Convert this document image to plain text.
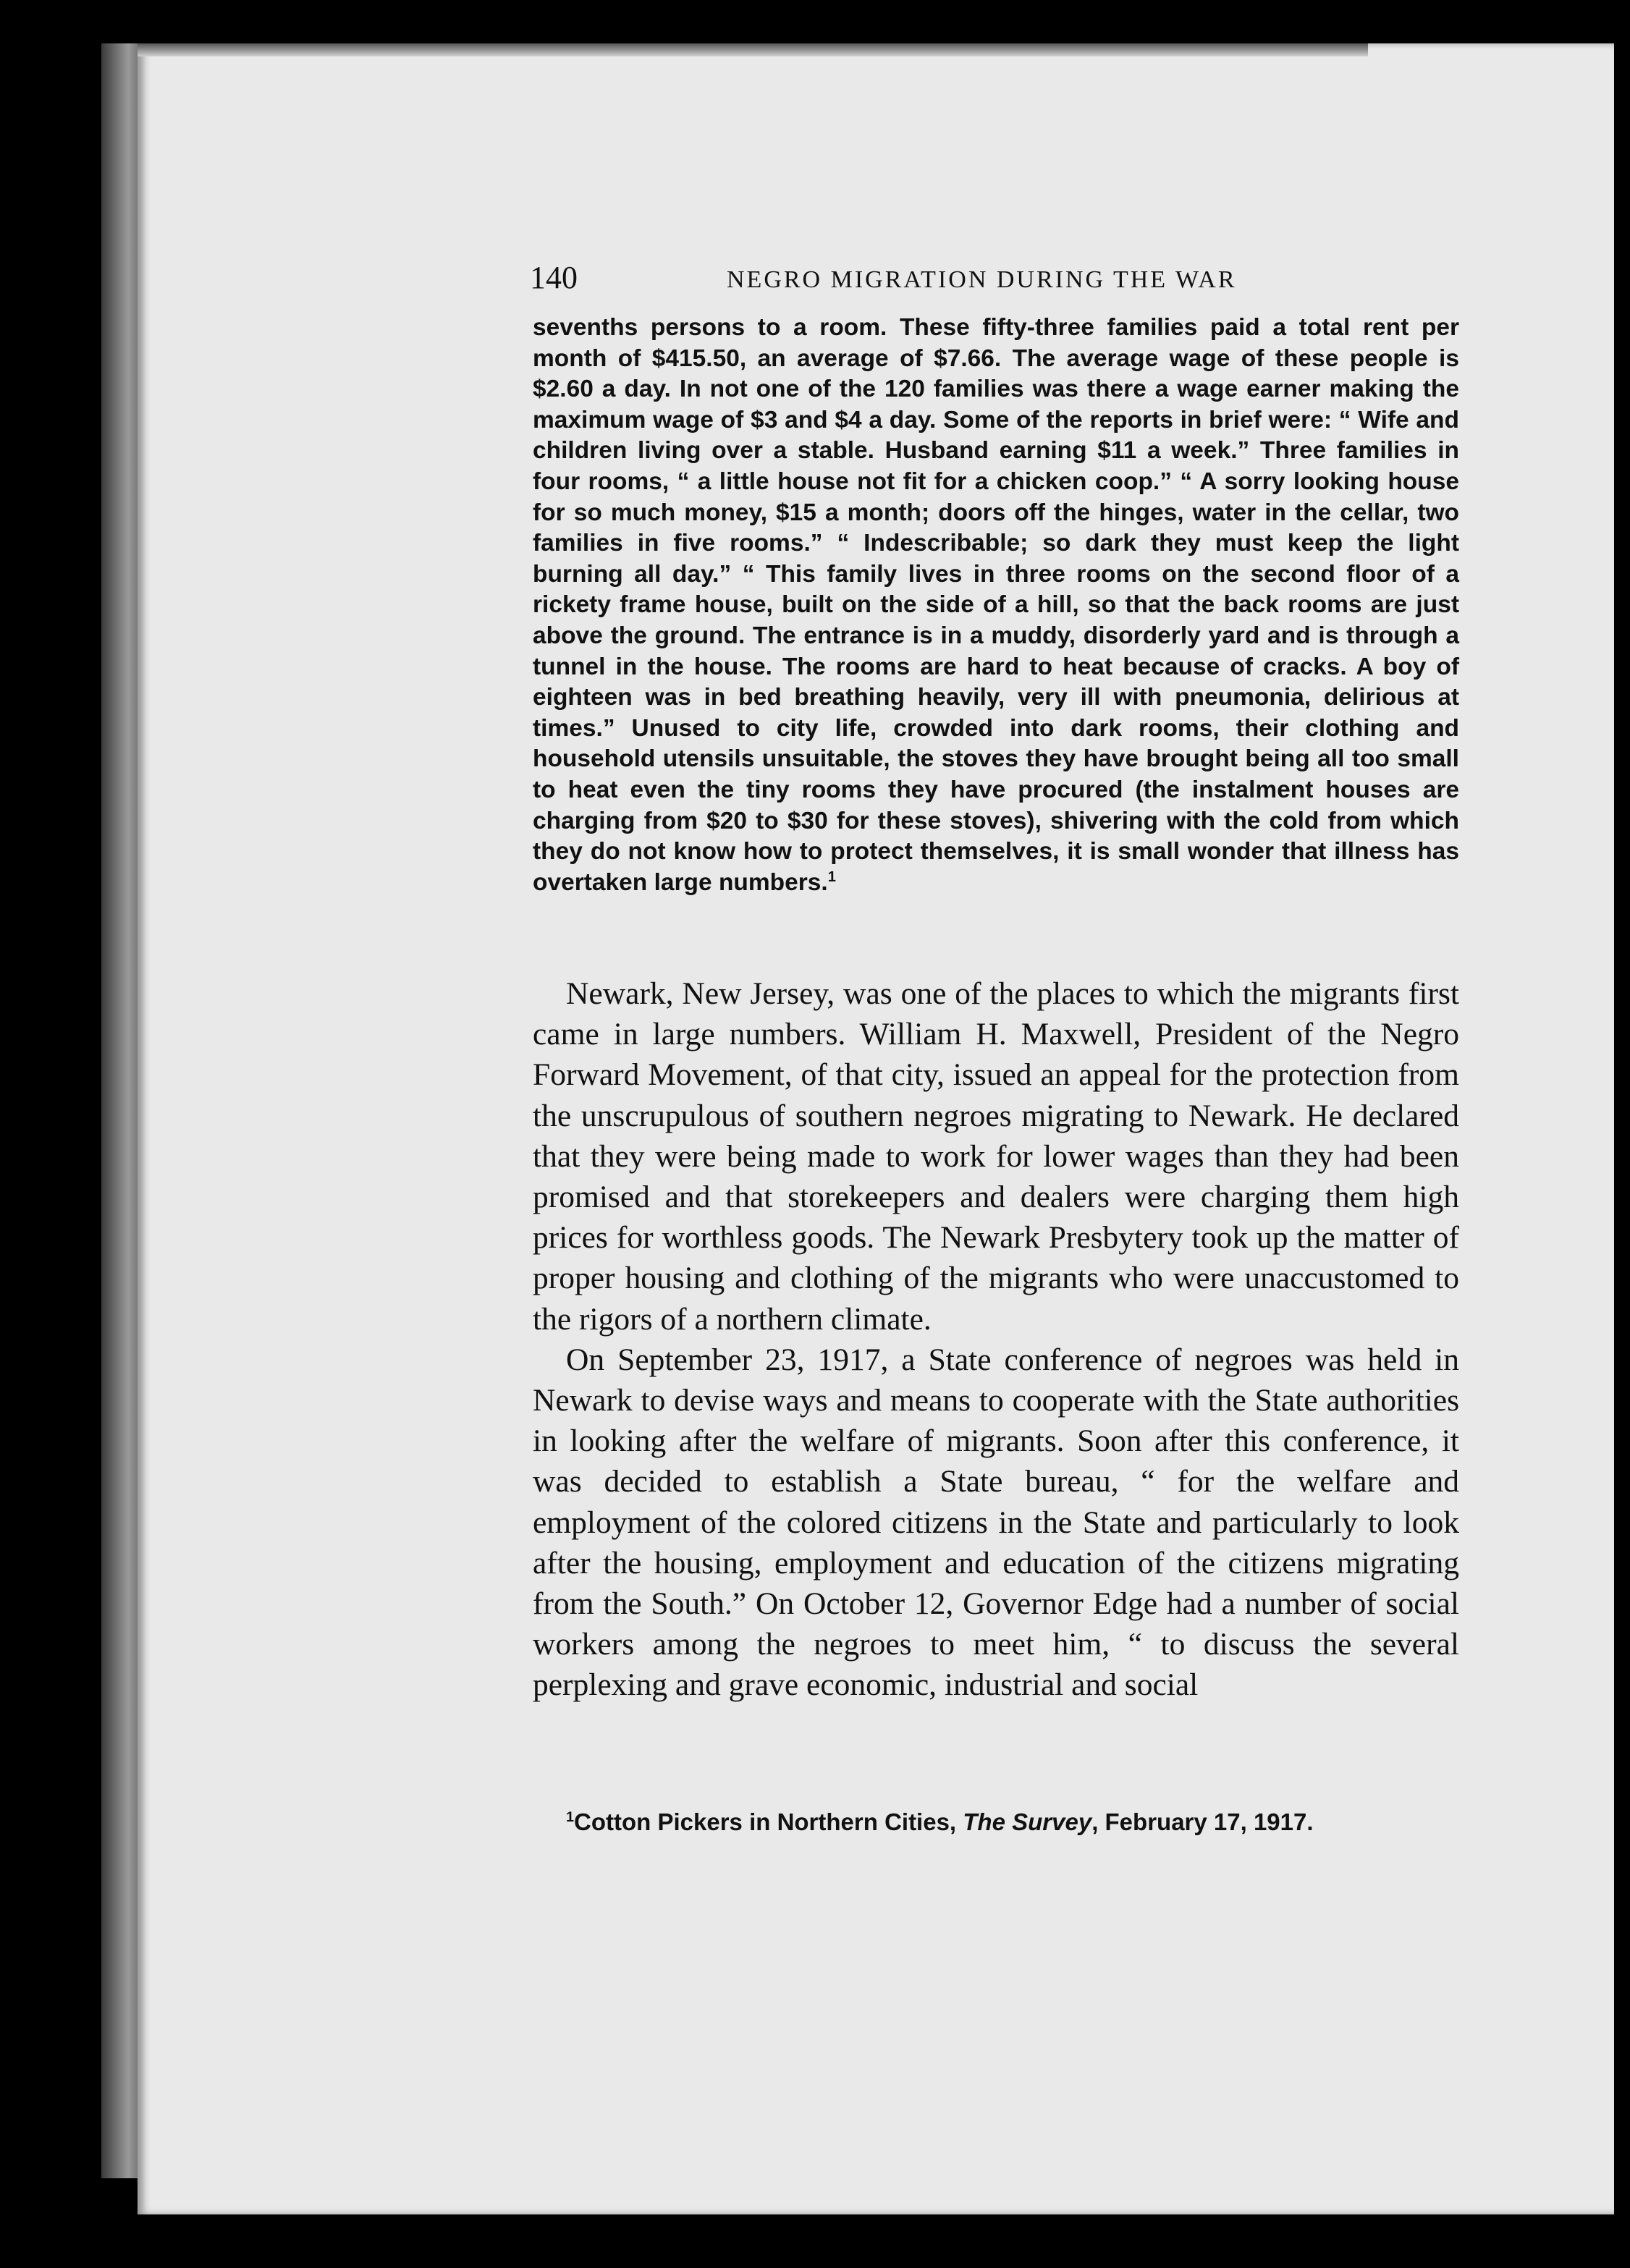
140	NEGRO MIGRATION DURING THE WAR
sevenths persons to a room. These fifty-three families paid a total rent per month of $415.50, an average of $7.66. The average wage of these people is $2.60 a day. In not one of the 120 families was there a wage earner making the maximum wage of $3 and $4 a day. Some of the reports in brief were: “ Wife and children living over a stable. Husband earning $11 a week.” Three families in four rooms, “ a little house not fit for a chicken coop.” “ A sorry looking house for so much money, $15 a month; doors off the hinges, water in the cellar, two families in five rooms.” “ Indescribable; so dark they must keep the light burning all day.” “ This family lives in three rooms on the second floor of a rickety frame house, built on the side of a hill, so that the back rooms are just above the ground. The entrance is in a muddy, disorderly yard and is through a tunnel in the house. The rooms are hard to heat because of cracks. A boy of eighteen was in bed breathing heavily, very ill with pneumonia, delirious at times.” Unused to city life, crowded into dark rooms, their clothing and household utensils unsuitable, the stoves they have brought being all too small to heat even the tiny rooms they have procured (the instalment houses are charging from $20 to $30 for these stoves), shivering with the cold from which they do not know how to protect themselves, it is small wonder that illness has overtaken large numbers.$^1$

Newark, New Jersey, was one of the places to which the migrants first came in large numbers. William H. Maxwell, President of the Negro Forward Movement, of that city, issued an appeal for the protection from the unscrupulous of southern negroes migrating to Newark. He declared that they were being made to work for lower wages than they had been promised and that storekeepers and dealers were charging them high prices for worthless goods. The Newark Presbytery took up the matter of proper housing and clothing of the migrants who were unaccustomed to the rigors of a northern climate.

On September 23, 1917, a State conference of negroes was held in Newark to devise ways and means to cooperate with the State authorities in looking after the welfare of migrants. Soon after this conference, it was decided to establish a State bureau, “ for the welfare and employment of the colored citizens in the State and particularly to look after the housing, employment and education of the citizens migrating from the South.” On October 12, Governor Edge had a number of social workers among the negroes to meet him, “ to discuss the several perplexing and grave economic, industrial and social

$^1$Cotton Pickers in Northern Cities, The Survey, February 17, 1917.
